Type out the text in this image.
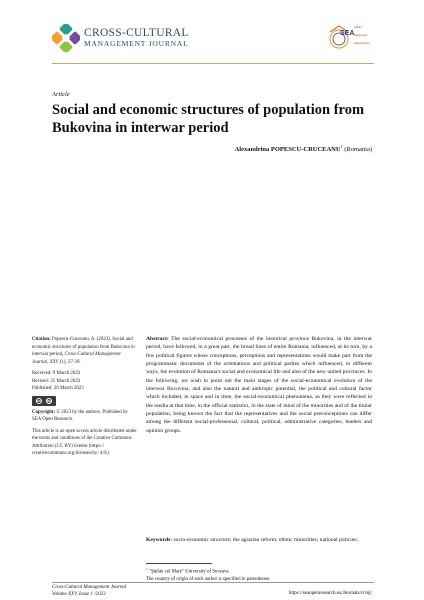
CROSS-CULTURAL
MANAGEMENT JOURNAL
SEA
ideas
empower
awareness
Article
Social and economic structures of population from Bukovina in interwar period
Alexandrina POPESCU-CRUCEANU$^1$ (Romania)

Citation: Popescu-Cruceanu, A. (2023). Social and economic structures of population from Bukovina in interwar period, Cross-Cultural Management Journal, XXV (1), 27-39.

Received: 9 March 2023

Revised: 25 March 2023

Published: 26 March 2023

cc by

Copyright: © 2023 by the authors. Published by SEA Open Research.

This article is an open access article distributed under the terms and conditions of the Creative Commons Attribution (CC BY) license (https:// creativecommons.org/licenses/by/ 4.0/).

Abstract: The social-economical processes of the historical province Bukovina, in the interwar period, have followed, in a great part, the broad lines of entire Romania, influenced, at its turn, by a few political figures whose conceptions, perceptions and representations would make part from the programmatic documents of the orientations and political parties which influenced, in different ways, the evolution of Romania's social and economical life and also of the new united provinces. In the following, we wish to point out the main stages of the social-economical evolution of the interwar Bucovina, and also the natural and anthropic potential, the political and cultural factor which included, in space and in time, the social-economical phenomena, as they were reflected in the media at that time, in the official statistics, in the state of mind of the minorities and of the titular population, being known the fact that the representatives and the social preconceptions can differ among the different social-professional, cultural, political, administrative categories, leaders and opinion groups.
Keywords: socio-economic structure; the agrarian reform; ethnic minorities; national policies;

$^1$ "Ştefan cel Mare" University of Suceava

The country of origin of each author is specified in parentheses

Cross-Cultural Management Journal
Volume XXV, Issue 1 /2023	https://seaopenresearch.eu/Journals/ccmj/
